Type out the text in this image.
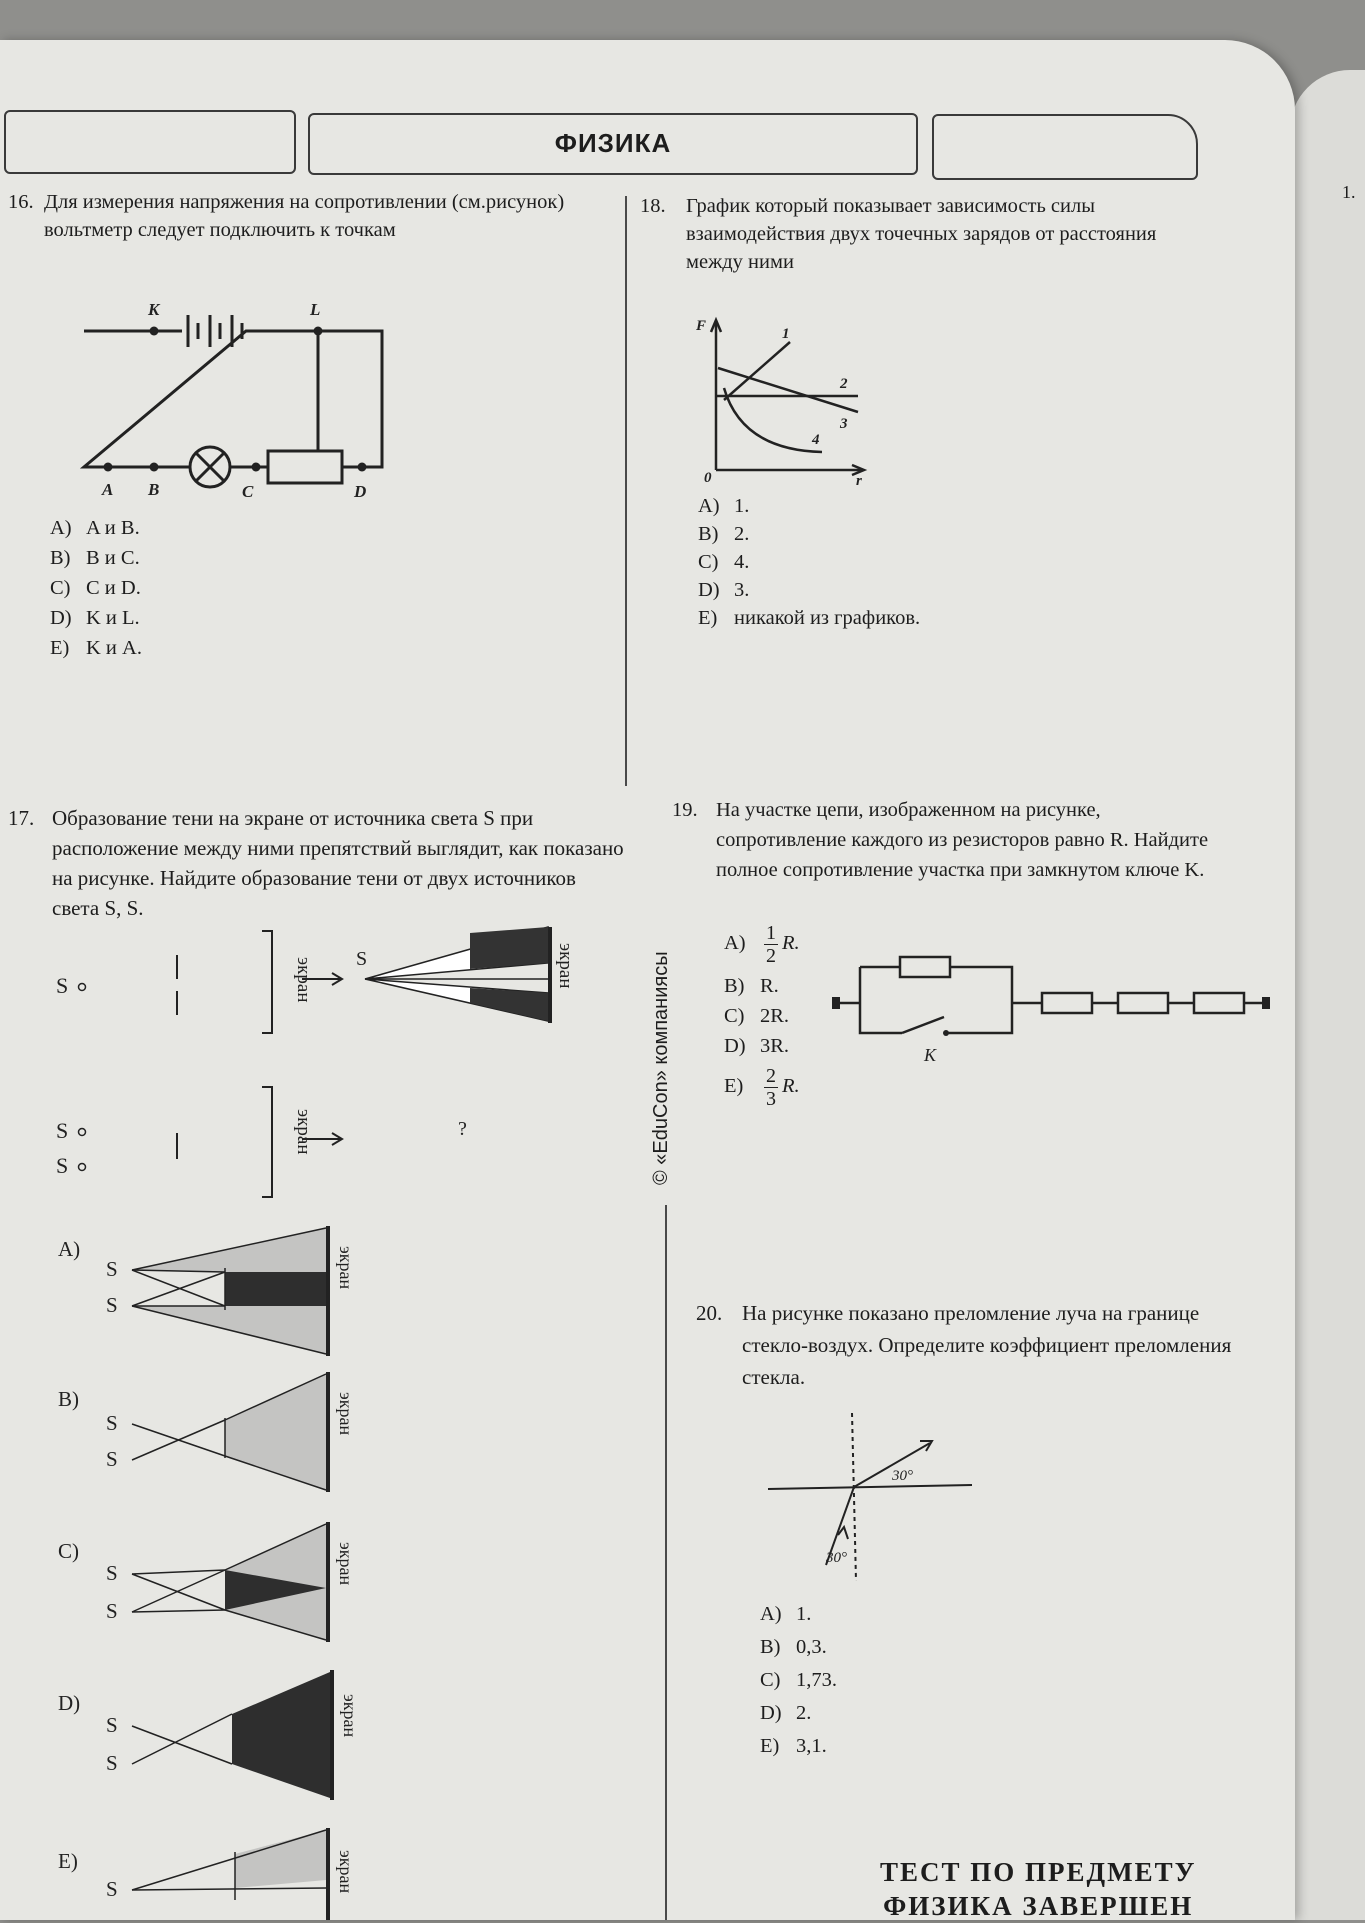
1.
ФИЗИКА
© «EduCon» компаниясы
16. Для измерения напряжения на сопротивлении (см.рисунок) вольтметр следует подключить к точкам
K	L
A B	C	D
A) A и B.
B) B и C.
C) C и D.
D) K и L.
E) K и A.
18. График который показывает зависимость силы взаимодействия двух точечных зарядов от расстояния между ними
F
r
0
1
2
3
4
A) 1.
B) 2.
C) 4.
D) 3.
E) никакой из графиков.
17. Образование тени на экране от источника света S при расположение между ними препятствий выглядит, как показано на рисунке. Найдите образование тени от двух источников света S, S.
S	экран S	экран
S
S
экран	?
A)
S
S
экран
B)
S
S
экран
C)
S
S
экран
D)
S
S
экран
E)
S	экран
19. На участке цепи, изображенном на рисунке, сопротивление каждого из резисторов равно R. Найдите полное сопротивление участка при замкнутом ключе K.
$A) \frac{1}{2} R$.
B) R.
C) 2R.
D) 3R.
$E) \frac{2}{3} R$.
K
20. На рисунке показано преломление луча на границе стекло-воздух. Определите коэффициент преломления стекла.
30°
30°
A) 1.
B) 0,3.
C) 1,73.
D) 2.
E) 3,1.
ТЕСТ ПО ПРЕДМЕТУ
ФИЗИКА ЗАВЕРШЕН
